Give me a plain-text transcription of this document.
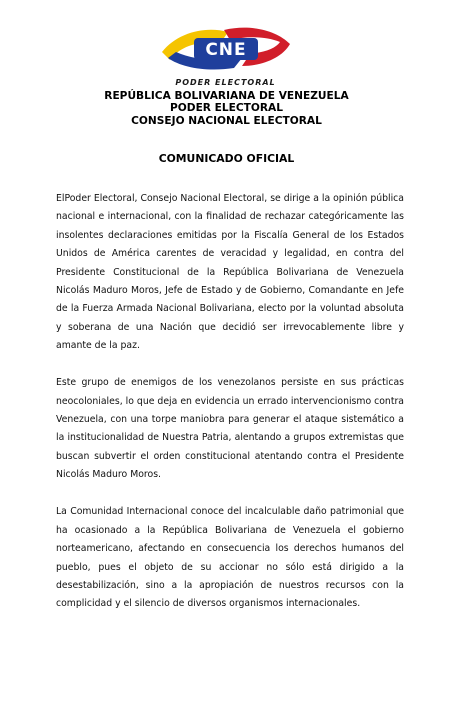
CNE
PODER ELECTORAL
REPÚBLICA BOLIVARIANA DE VENEZUELA
PODER ELECTORAL
CONSEJO NACIONAL ELECTORAL
COMUNICADO OFICIAL

ElPoder Electoral, Consejo Nacional Electoral, se dirige a la opinión pública nacional e internacional, con la finalidad de rechazar categóricamente las insolentes declaraciones emitidas por la Fiscalía General de los Estados Unidos de América carentes de veracidad y legalidad, en contra del Presidente Constitucional de la República Bolivariana de Venezuela Nicolás Maduro Moros, Jefe de Estado y de Gobierno, Comandante en Jefe de la Fuerza Armada Nacional Bolivariana, electo por la voluntad absoluta y soberana de una Nación que decidió ser irrevocablemente libre y amante de la paz.

Este grupo de enemigos de los venezolanos persiste en sus prácticas neocoloniales, lo que deja en evidencia un errado intervencionismo contra Venezuela, con una torpe maniobra para generar el ataque sistemático a la institucionalidad de Nuestra Patria, alentando a grupos extremistas que buscan subvertir el orden constitucional atentando contra el Presidente Nicolás Maduro Moros.

La Comunidad Internacional conoce del incalculable daño patrimonial que ha ocasionado a la República Bolivariana de Venezuela el gobierno norteamericano, afectando en consecuencia los derechos humanos del pueblo, pues el objeto de su accionar no sólo está dirigido a la desestabilización, sino a la apropiación de nuestros recursos con la complicidad y el silencio de diversos organismos internacionales.
